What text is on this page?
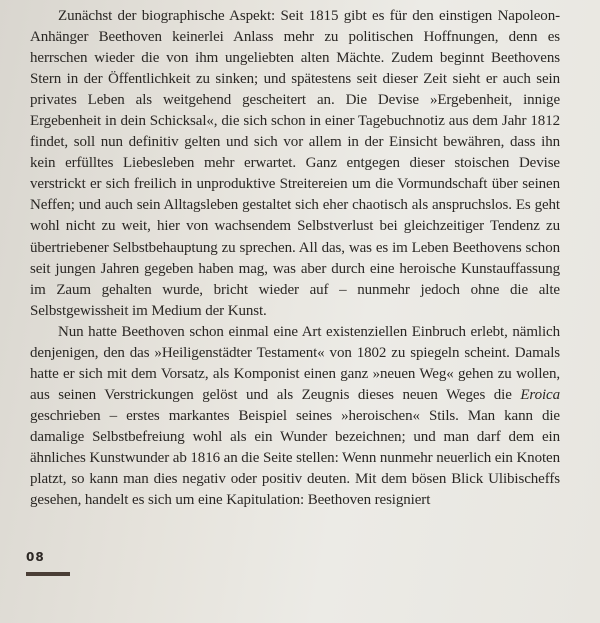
Zunächst der biographische Aspekt: Seit 1815 gibt es für den einstigen Napoleon-Anhänger Beethoven keinerlei Anlass mehr zu politischen Hoffnungen, denn es herrschen wieder die von ihm ungeliebten alten Mächte. Zudem beginnt Beethovens Stern in der Öffentlichkeit zu sinken; und spätestens seit dieser Zeit sieht er auch sein privates Leben als weitgehend gescheitert an. Die Devise »Ergebenheit, innige Ergebenheit in dein Schicksal«, die sich schon in einer Tagebuchnotiz aus dem Jahr 1812 findet, soll nun definitiv gelten und sich vor allem in der Einsicht bewähren, dass ihn kein erfülltes Liebesleben mehr erwartet. Ganz entgegen dieser stoischen Devise verstrickt er sich freilich in unproduktive Streitereien um die Vormundschaft über seinen Neffen; und auch sein Alltagsleben gestaltet sich eher chaotisch als anspruchslos. Es geht wohl nicht zu weit, hier von wachsendem Selbstverlust bei gleichzeitiger Tendenz zu übertriebener Selbstbehauptung zu sprechen. All das, was es im Leben Beethovens schon seit jungen Jahren gegeben haben mag, was aber durch eine heroische Kunstauffassung im Zaum gehalten wurde, bricht wieder auf – nunmehr jedoch ohne die alte Selbstgewissheit im Medium der Kunst.

Nun hatte Beethoven schon einmal eine Art existenziellen Einbruch erlebt, nämlich denjenigen, den das »Heiligenstädter Testament« von 1802 zu spiegeln scheint. Damals hatte er sich mit dem Vorsatz, als Komponist einen ganz »neuen Weg« gehen zu wollen, aus seinen Verstrickungen gelöst und als Zeugnis dieses neuen Weges die Eroica geschrieben – erstes markantes Beispiel seines »heroischen« Stils. Man kann die damalige Selbstbefreiung wohl als ein Wunder bezeichnen; und man darf dem ein ähnliches Kunstwunder ab 1816 an die Seite stellen: Wenn nunmehr neuerlich ein Knoten platzt, so kann man dies negativ oder positiv deuten. Mit dem bösen Blick Ulibischeffs gesehen, handelt es sich um eine Kapitulation: Beethoven resigniert

08
